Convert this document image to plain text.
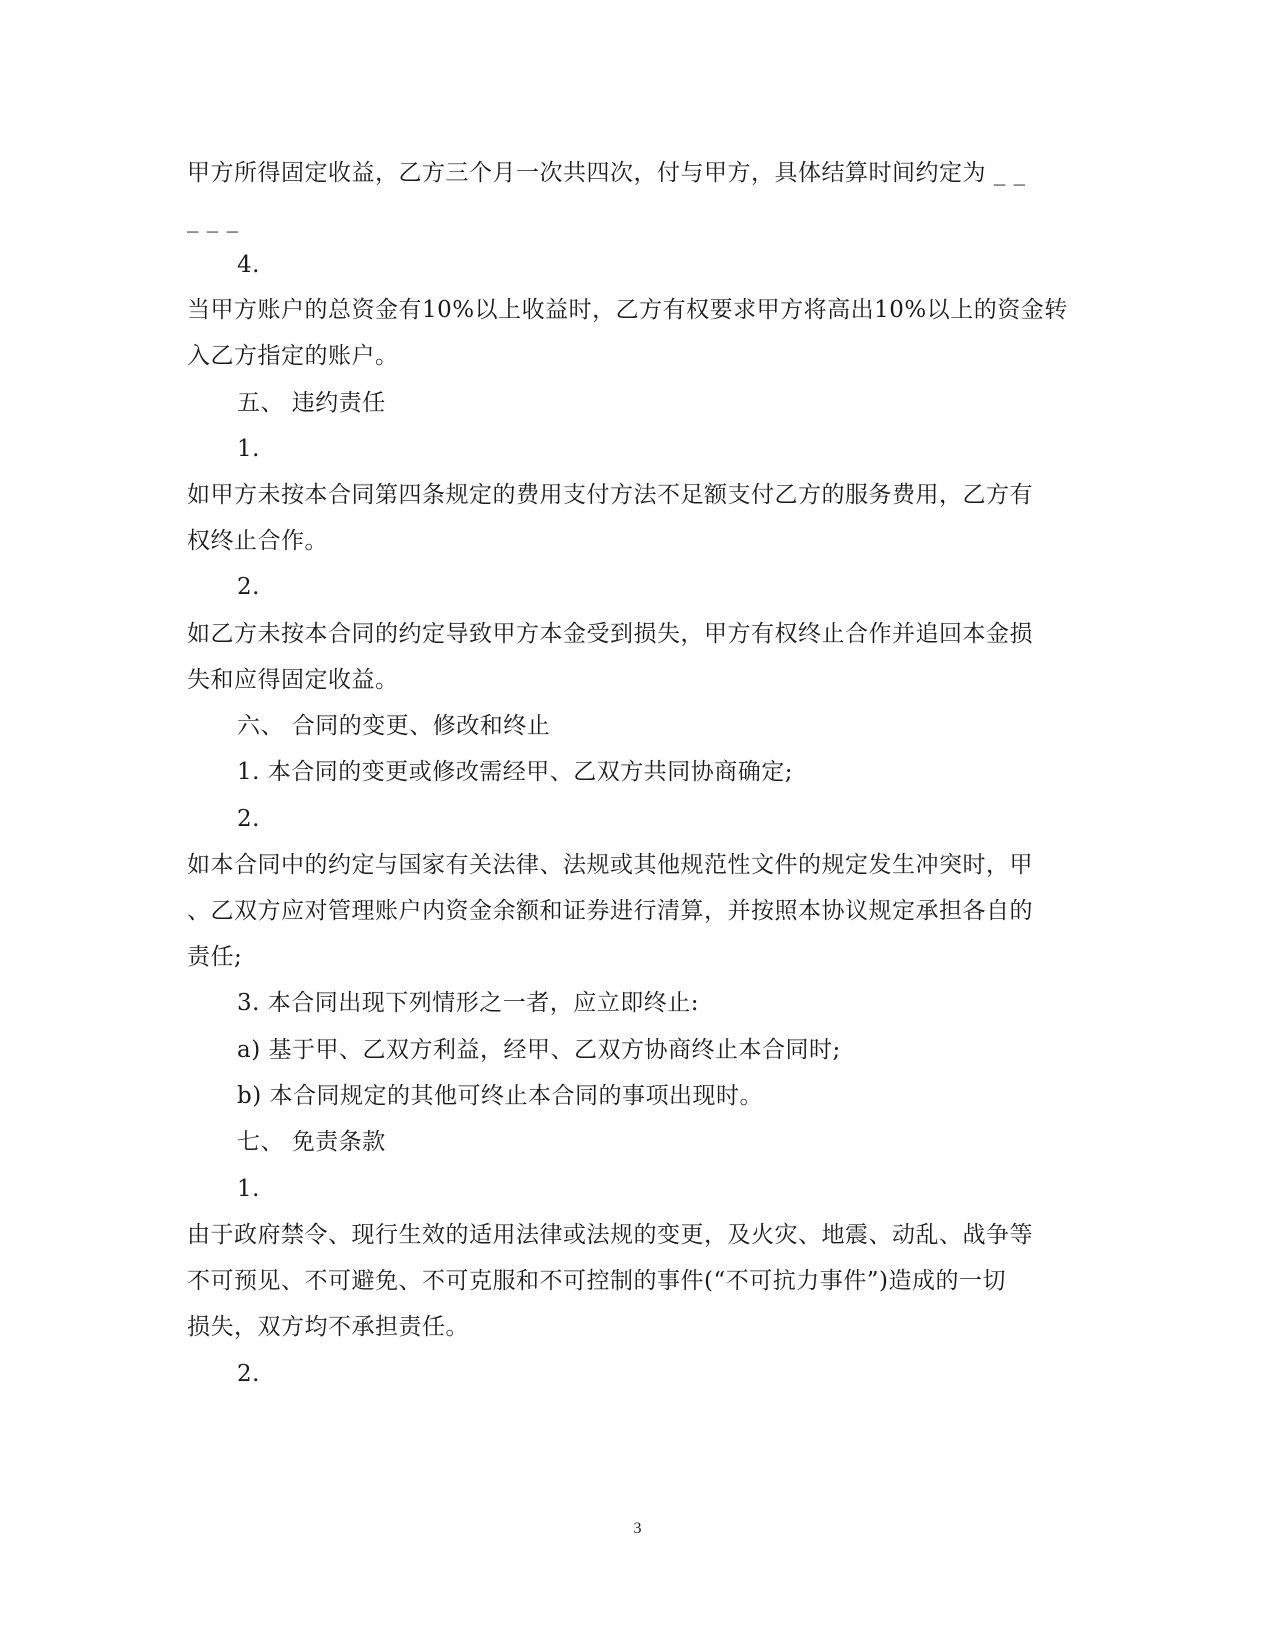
甲方所得固定收益，乙方三个月一次共四次，付与甲方，具体结算时间约定为 _ _
_ _ _
4.
当甲方账户的总资金有10%以上收益时，乙方有权要求甲方将高出10%以上的资金转
入乙方指定的账户。
五、 违约责任
1.
如甲方未按本合同第四条规定的费用支付方法不足额支付乙方的服务费用，乙方有
权终止合作。
2.
如乙方未按本合同的约定导致甲方本金受到损失，甲方有权终止合作并追回本金损
失和应得固定收益。
六、 合同的变更、修改和终止
1. 本合同的变更或修改需经甲、乙双方共同协商确定;
2.
如本合同中的约定与国家有关法律、法规或其他规范性文件的规定发生冲突时，甲
、乙双方应对管理账户内资金余额和证券进行清算，并按照本协议规定承担各自的
责任;
3. 本合同出现下列情形之一者，应立即终止:
a) 基于甲、乙双方利益，经甲、乙双方协商终止本合同时;
b) 本合同规定的其他可终止本合同的事项出现时。
七、 免责条款
1.
由于政府禁令、现行生效的适用法律或法规的变更，及火灾、地震、动乱、战争等
不可预见、不可避免、不可克服和不可控制的事件(“不可抗力事件”)造成的一切
损失，双方均不承担责任。
2.
3
